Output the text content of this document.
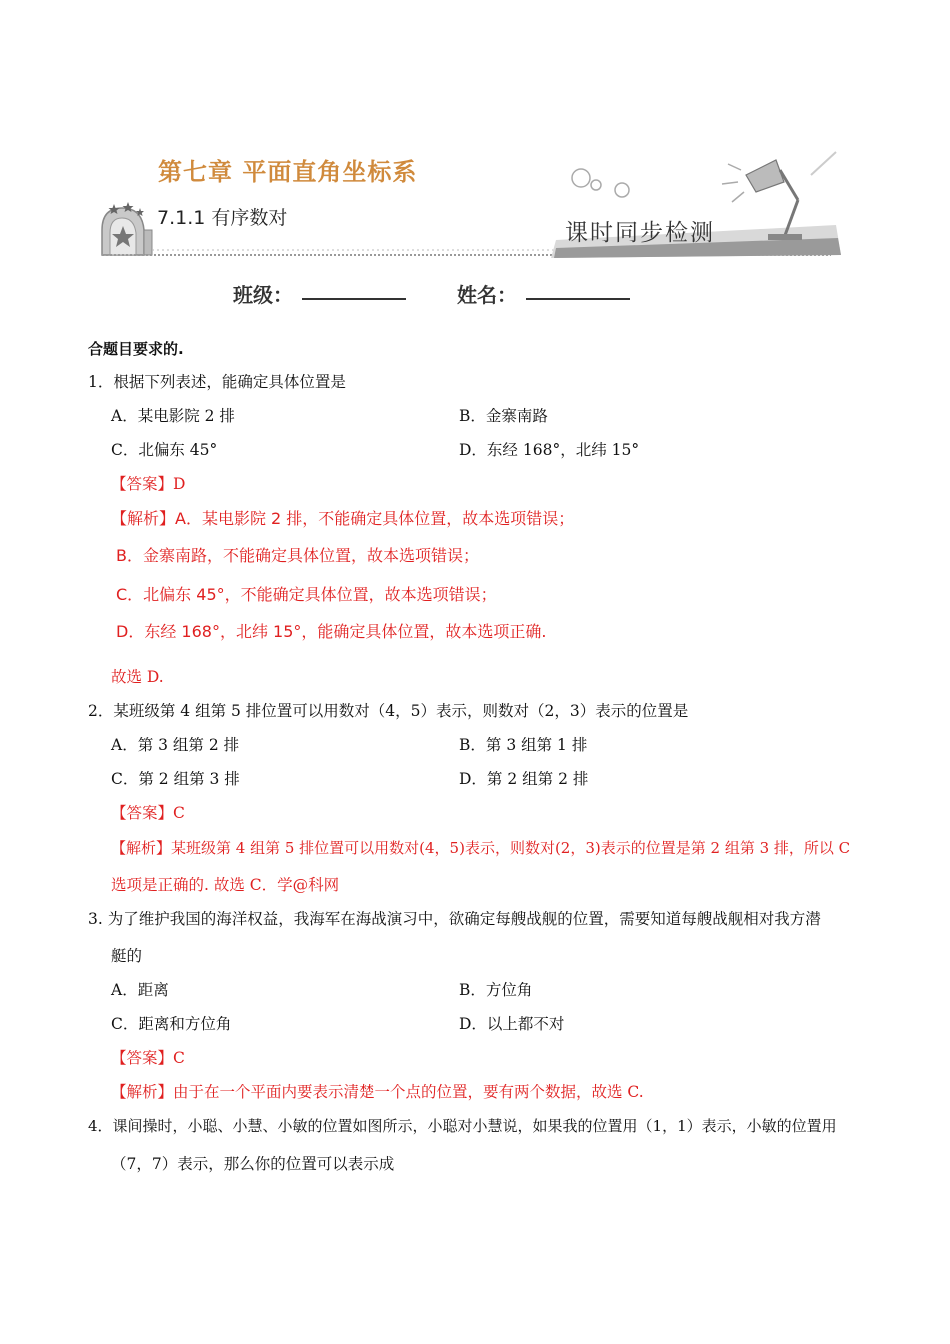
第七章 平面直角坐标系
7.1.1 有序数对
课时同步检测
班级：	姓名：
合题目要求的.
1．根据下列表述，能确定具体位置是
A．某电影院 2 排	B．金寨南路
C．北偏东 45°	D．东经 168°，北纬 15°
【答案】D
【解析】A．某电影院 2 排，不能确定具体位置，故本选项错误；
B．金寨南路，不能确定具体位置，故本选项错误；
C．北偏东 45°，不能确定具体位置，故本选项错误；
D．东经 168°，北纬 15°，能确定具体位置，故本选项正确.
故选 D.
2．某班级第 4 组第 5 排位置可以用数对（4，5）表示，则数对（2，3）表示的位置是
A．第 3 组第 2 排	B．第 3 组第 1 排
C．第 2 组第 3 排	D．第 2 组第 2 排
【答案】C
【解析】某班级第 4 组第 5 排位置可以用数对(4，5)表示，则数对(2，3)表示的位置是第 2 组第 3 排，所以 C
选项是正确的. 故选 C．学@科网
3. 为了维护我国的海洋权益，我海军在海战演习中，欲确定每艘战舰的位置，需要知道每艘战舰相对我方潜
艇的
A．距离	B．方位角
C．距离和方位角	D．以上都不对
【答案】C
【解析】由于在一个平面内要表示清楚一个点的位置，要有两个数据，故选 C.
4．课间操时，小聪、小慧、小敏的位置如图所示，小聪对小慧说，如果我的位置用（1，1）表示，小敏的位置用
（7，7）表示，那么你的位置可以表示成
